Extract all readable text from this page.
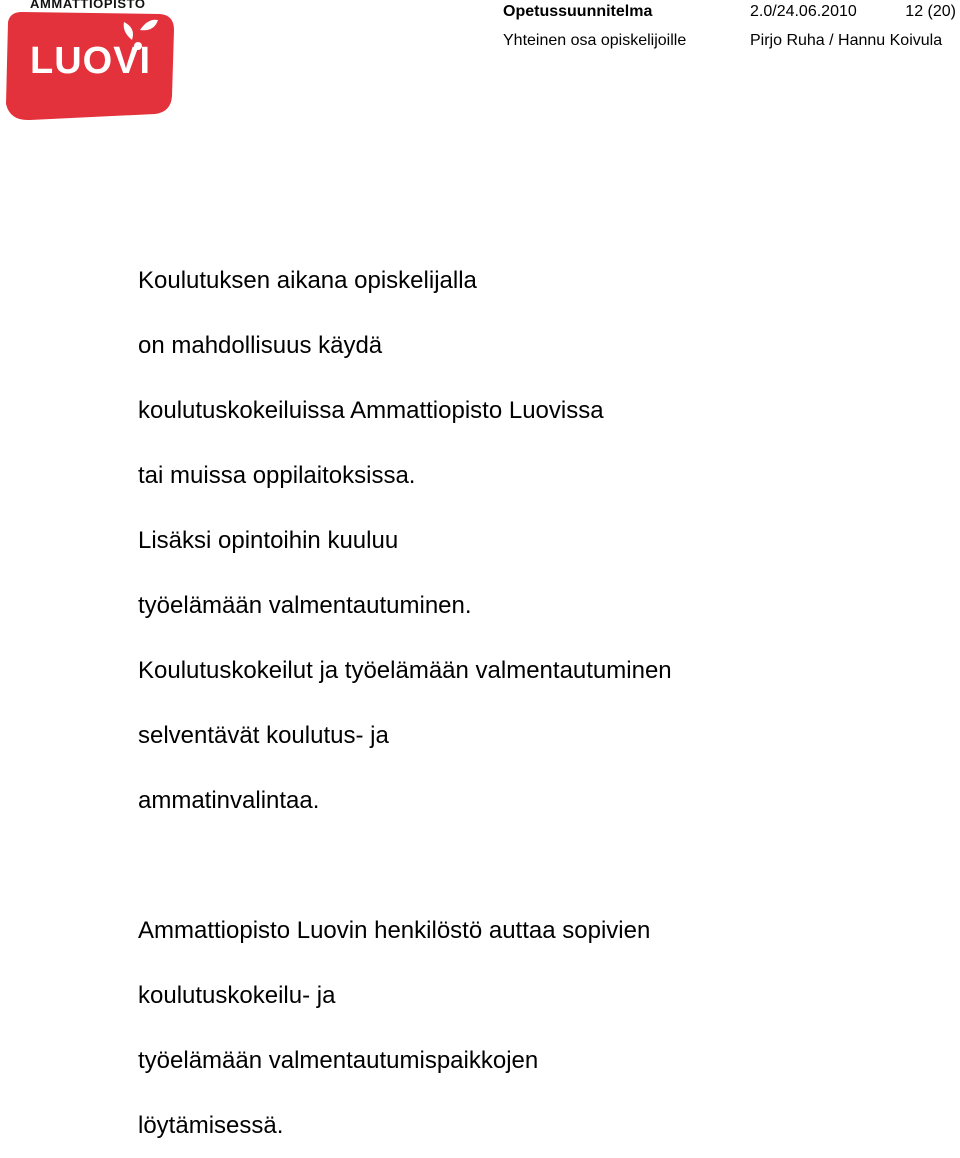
AMMATTIOPISTO
LUOVI
Opetussuunnitelma	2.0/24.06.2010	12 (20)
Yhteinen osa opiskelijoille	Pirjo Ruha / Hannu Koivula

Koulutuksen aikana opiskelijalla

on mahdollisuus käydä

koulutuskokeiluissa Ammattiopisto Luovissa

tai muissa oppilaitoksissa.

Lisäksi opintoihin kuuluu

työelämään valmentautuminen.

Koulutuskokeilut ja työelämään valmentautuminen

selventävät koulutus- ja

ammatinvalintaa.

Ammattiopisto Luovin henkilöstö auttaa sopivien

koulutuskokeilu- ja

työelämään valmentautumispaikkojen

löytämisessä.
